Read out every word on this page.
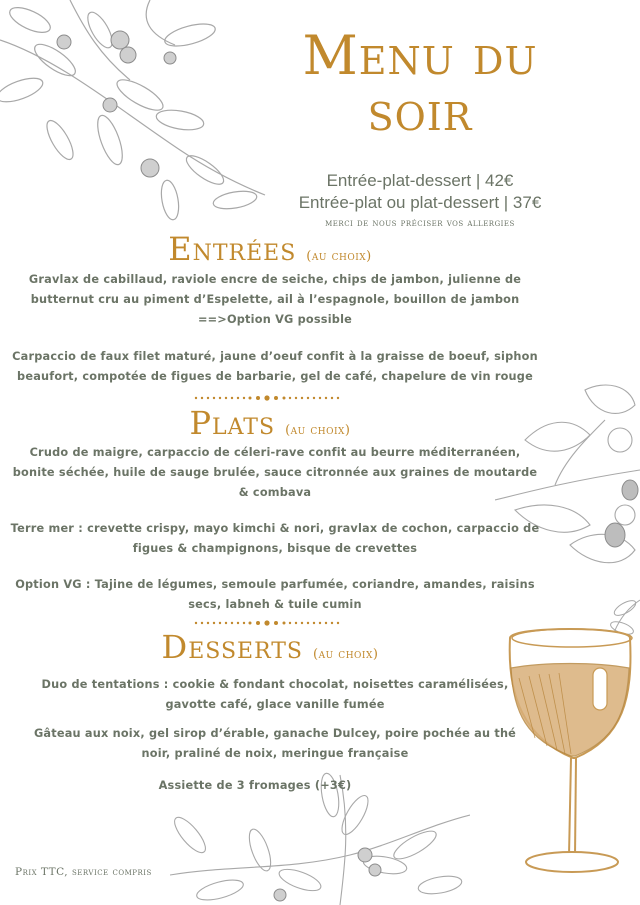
Menu du
soir
Entrée-plat-dessert | 42€
Entrée-plat ou plat-dessert | 37€
merci de nous préciser vos allergies
Entrées (au choix)
Gravlax de cabillaud, raviole encre de seiche, chips de jambon, julienne de butternut cru au piment d’Espelette, ail à l’espagnole, bouillon de jambon ==>Option VG possible
Carpaccio de faux filet maturé, jaune d’oeuf confit à la graisse de boeuf, siphon beaufort, compotée de figues de barbarie, gel de café, chapelure de vin rouge
Plats (au choix)
Crudo de maigre, carpaccio de céleri-rave confit au beurre méditerranéen, bonite séchée, huile de sauge brulée, sauce citronnée aux graines de moutarde & combava
Terre mer : crevette crispy, mayo kimchi & nori, gravlax de cochon, carpaccio de figues & champignons, bisque de crevettes
Option VG : Tajine de légumes, semoule parfumée, coriandre, amandes, raisins secs, labneh & tuile cumin
Desserts (au choix)
Duo de tentations : cookie & fondant chocolat, noisettes caramélisées, gavotte café, glace vanille fumée
Gâteau aux noix, gel sirop d’érable, ganache Dulcey, poire pochée au thé noir, praliné de noix, meringue française
Assiette de 3 fromages (+3€)
Prix TTC, service compris
